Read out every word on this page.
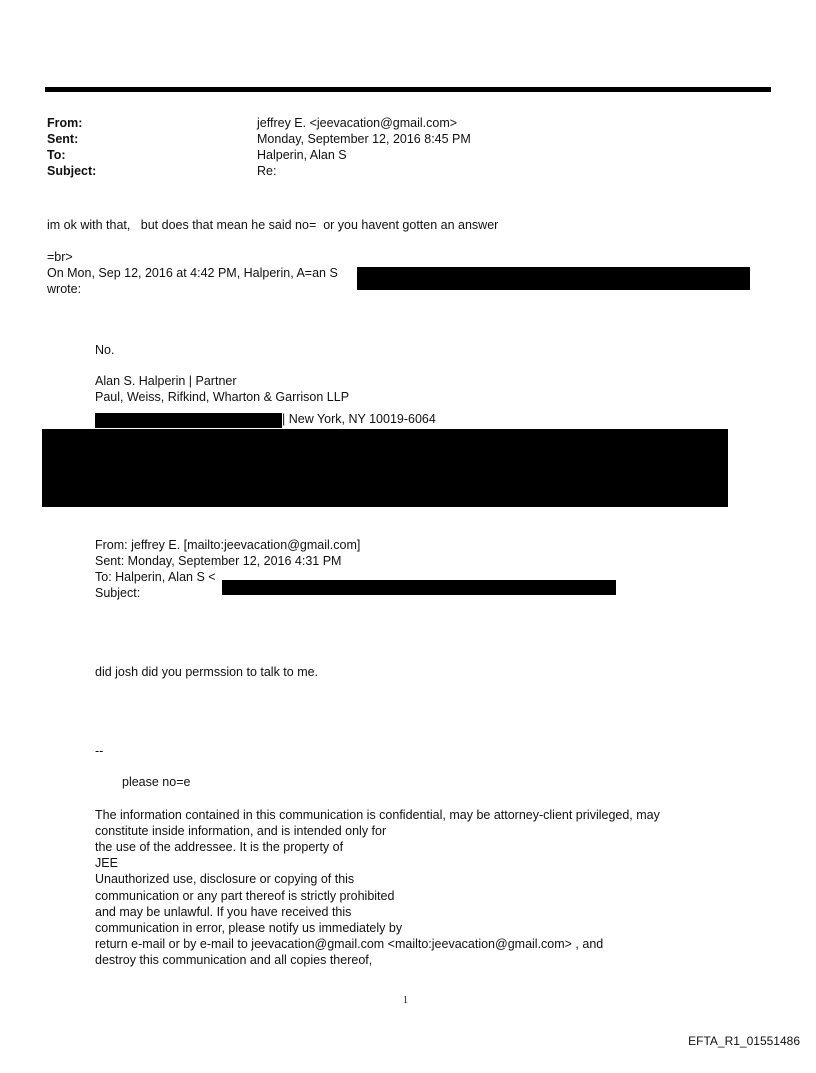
From:	jeffrey E. <jeevacation@gmail.com>
Sent:	Monday, September 12, 2016 8:45 PM
To:	Halperin, Alan S
Subject:	Re:
im ok with that,   but does that mean he said no=  or you havent gotten an answer
=br>
On Mon, Sep 12, 2016 at 4:42 PM, Halperin, A=an S
wrote:
No.
Alan S. Halperin | Partner
Paul, Weiss, Rifkind, Wharton & Garrison LLP
| New York, NY 10019-6064
From: jeffrey E. [mailto:jeevacation@gmail.com]
Sent: Monday, September 12, 2016 4:31 PM
To: Halperin, Alan S <
Subject:
did josh did you permssion to talk to me.
--
please no=e
The information contained in this communication is confidential, may be attorney-client privileged, may
constitute inside information, and is intended only for
the use of the addressee. It is the property of
JEE
Unauthorized use, disclosure or copying of this
communication or any part thereof is strictly prohibited
and may be unlawful. If you have received this
communication in error, please notify us immediately by
return e-mail or by e-mail to jeevacation@gmail.com <mailto:jeevacation@gmail.com> , and
destroy this communication and all copies thereof,
1
EFTA_R1_01551486
